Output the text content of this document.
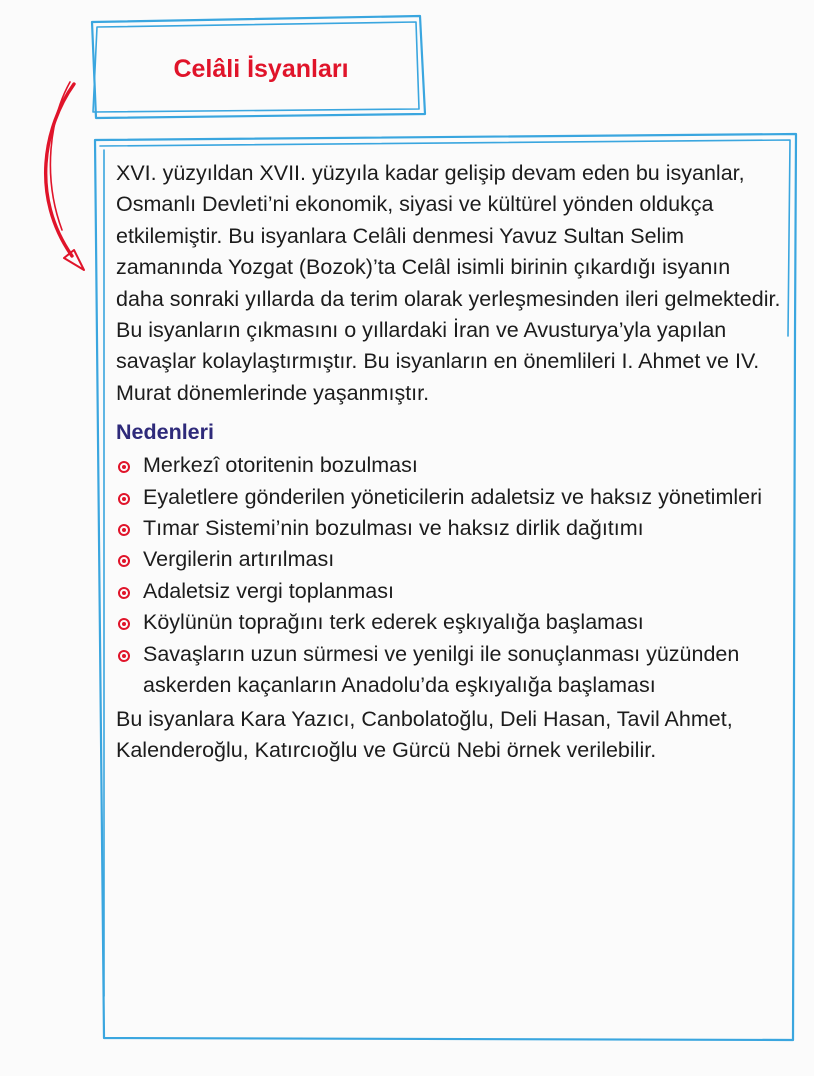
Celâli İsyanları

XVI. yüzyıldan XVII. yüzyıla kadar gelişip devam eden bu isyanlar, Osmanlı Devleti’ni ekonomik, siyasi ve kültürel yönden oldukça etkilemiştir. Bu isyanlara Celâli denmesi Yavuz Sultan Selim zamanında Yozgat (Bozok)’ta Celâl isimli birinin çıkardığı isyanın daha sonraki yıllarda da terim olarak yerleşmesinden ileri gelmektedir. Bu isyanların çıkmasını o yıllardaki İran ve Avusturya’yla yapılan savaşlar kolaylaştırmıştır. Bu isyanların en önemlileri I. Ahmet ve IV. Murat dönemlerinde yaşanmıştır.

Nedenleri
Merkezî otoritenin bozulması
Eyaletlere gönderilen yöneticilerin adaletsiz ve haksız yönetimleri
Tımar Sistemi’nin bozulması ve haksız dirlik dağıtımı
Vergilerin artırılması
Adaletsiz vergi toplanması
Köylünün toprağını terk ederek eşkıyalığa başlaması
Savaşların uzun sürmesi ve yenilgi ile sonuçlanması yüzünden askerden kaçanların Anadolu’da eşkıyalığa başlaması

Bu isyanlara Kara Yazıcı, Canbolatoğlu, Deli Hasan, Tavil Ahmet, Kalenderoğlu, Katırcıoğlu ve Gürcü Nebi örnek verilebilir.
